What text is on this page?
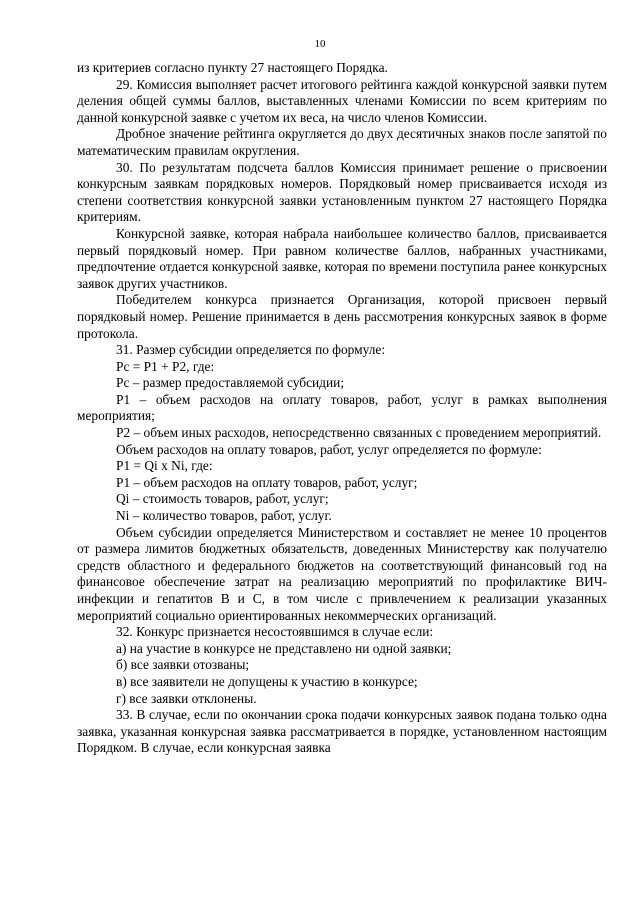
10

из критериев согласно пункту 27 настоящего Порядка.

29. Комиссия выполняет расчет итогового рейтинга каждой конкурсной заявки путем деления общей суммы баллов, выставленных членами Комиссии по всем критериям по данной конкурсной заявке с учетом их веса, на число членов Комиссии.

Дробное значение рейтинга округляется до двух десятичных знаков после запятой по математическим правилам округления.

30. По результатам подсчета баллов Комиссия принимает решение о присвоении конкурсным заявкам порядковых номеров. Порядковый номер присваивается исходя из степени соответствия конкурсной заявки установленным пунктом 27 настоящего Порядка критериям.

Конкурсной заявке, которая набрала наибольшее количество баллов, присваивается первый порядковый номер. При равном количестве баллов, набранных участниками, предпочтение отдается конкурсной заявке, которая по времени поступила ранее конкурсных заявок других участников.

Победителем конкурса признается Организация, которой присвоен первый порядковый номер. Решение принимается в день рассмотрения конкурсных заявок в форме протокола.

31. Размер субсидии определяется по формуле:

Рс = Р1 + Р2, где:

Рс – размер предоставляемой субсидии;

Р1 – объем расходов на оплату товаров, работ, услуг в рамках выполнения мероприятия;

Р2 – объем иных расходов, непосредственно связанных с проведением мероприятий.

Объем расходов на оплату товаров, работ, услуг определяется по формуле:

Р1 = Qi х Ni, где:

Р1 – объем расходов на оплату товаров, работ, услуг;

Qi – стоимость товаров, работ, услуг;

Ni – количество товаров, работ, услуг.

Объем субсидии определяется Министерством и составляет не менее 10 процентов от размера лимитов бюджетных обязательств, доведенных Министерству как получателю средств областного и федерального бюджетов на соответствующий финансовый год на финансовое обеспечение затрат на реализацию мероприятий по профилактике ВИЧ-инфекции и гепатитов В и С, в том числе с привлечением к реализации указанных мероприятий социально ориентированных некоммерческих организаций.

32. Конкурс признается несостоявшимся в случае если:

а) на участие в конкурсе не представлено ни одной заявки;

б) все заявки отозваны;

в) все заявители не допущены к участию в конкурсе;

г) все заявки отклонены.

33. В случае, если по окончании срока подачи конкурсных заявок подана только одна заявка, указанная конкурсная заявка рассматривается в порядке, установленном настоящим Порядком. В случае, если конкурсная заявка
